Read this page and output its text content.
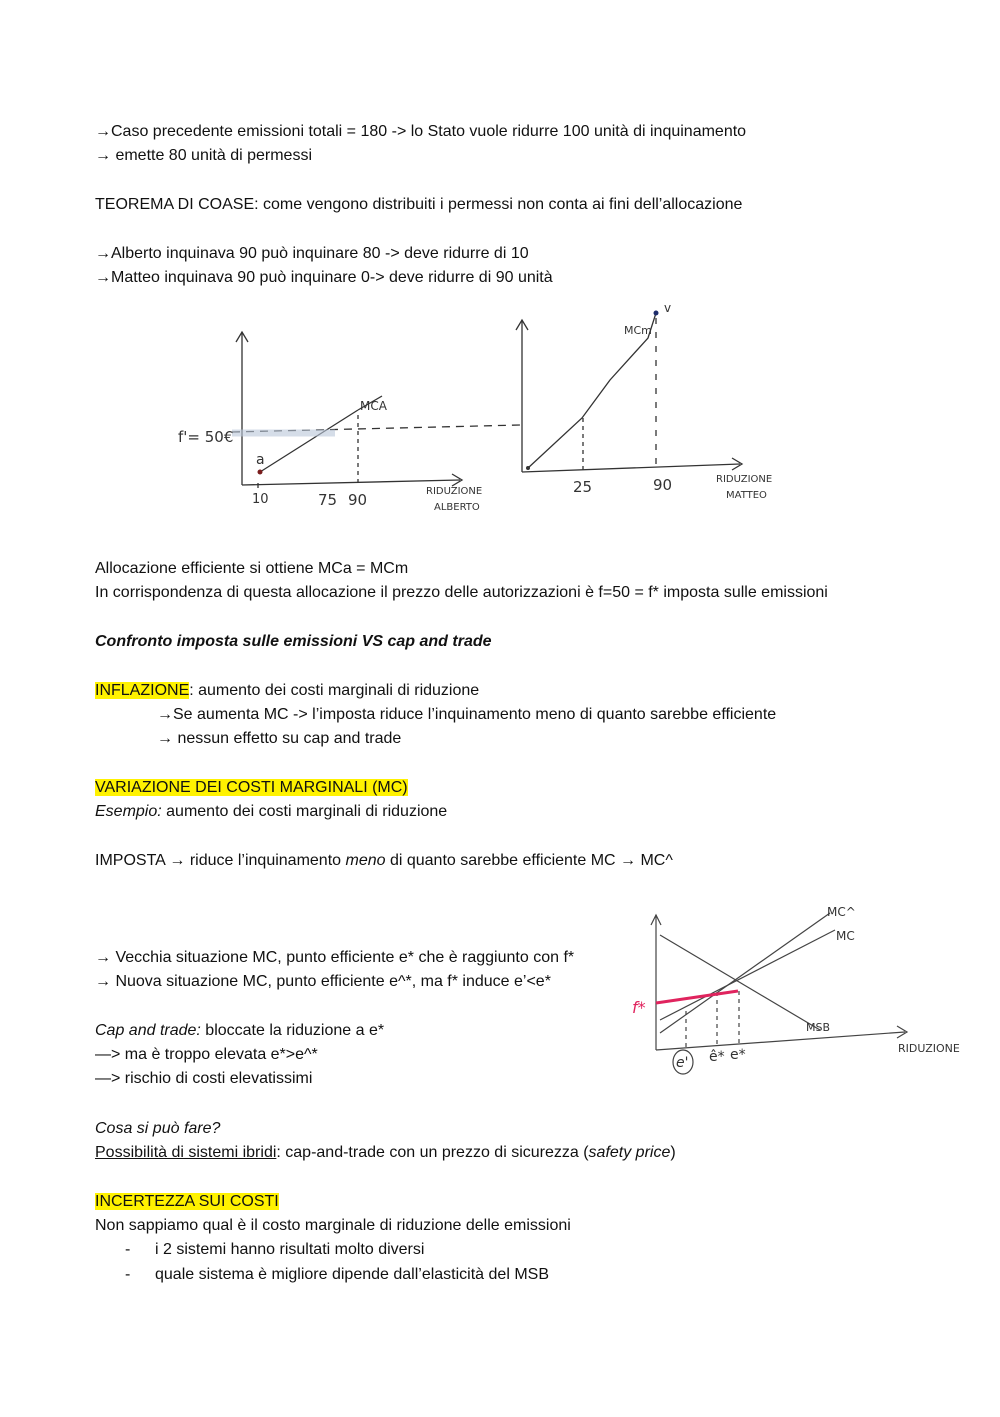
→Caso precedente emissioni totali = 180 -> lo Stato vuole ridurre 100 unità di inquinamento
→ emette 80 unità di permessi
TEOREMA DI COASE: come vengono distribuiti i permessi non conta ai fini dell’allocazione
→Alberto inquinava 90 può inquinare 80 -> deve ridurre di 10
→Matteo inquinava 90 può inquinare 0-> deve ridurre di 90 unità
f'= 50€
a
MCA
10	75 90	RIDUZIONE
ALBERTO
MCm
v
25	90	RIDUZIONE
MATTEO
Allocazione efficiente si ottiene MCa = MCm
In corrispondenza di questa allocazione il prezzo delle autorizzazioni è f=50 = f* imposta sulle emissioni
Confronto imposta sulle emissioni VS cap and trade
INFLAZIONE: aumento dei costi marginali di riduzione
→Se aumenta MC -> l’imposta riduce l’inquinamento meno di quanto sarebbe efficiente
→ nessun effetto su cap and trade
VARIAZIONE DEI COSTI MARGINALI (MC)
Esempio: aumento dei costi marginali di riduzione
IMPOSTA → riduce l’inquinamento meno di quanto sarebbe efficiente MC → MC^
→ Vecchia situazione MC, punto efficiente e* che è raggiunto con f*
→ Nuova situazione MC, punto efficiente e^*, ma f* induce e’<e*
Cap and trade: bloccate la riduzione a e*
—> ma è troppo elevata e*>e^*
—> rischio di costi elevatissimi
f*
MC^
MC
MSB
e' ê* e*	RIDUZIONE
Cosa si può fare?
Possibilità di sistemi ibridi: cap-and-trade con un prezzo di sicurezza (safety price)
INCERTEZZA SUI COSTI
Non sappiamo qual è il costo marginale di riduzione delle emissioni
- i 2 sistemi hanno risultati molto diversi
- quale sistema è migliore dipende dall’elasticità del MSB
